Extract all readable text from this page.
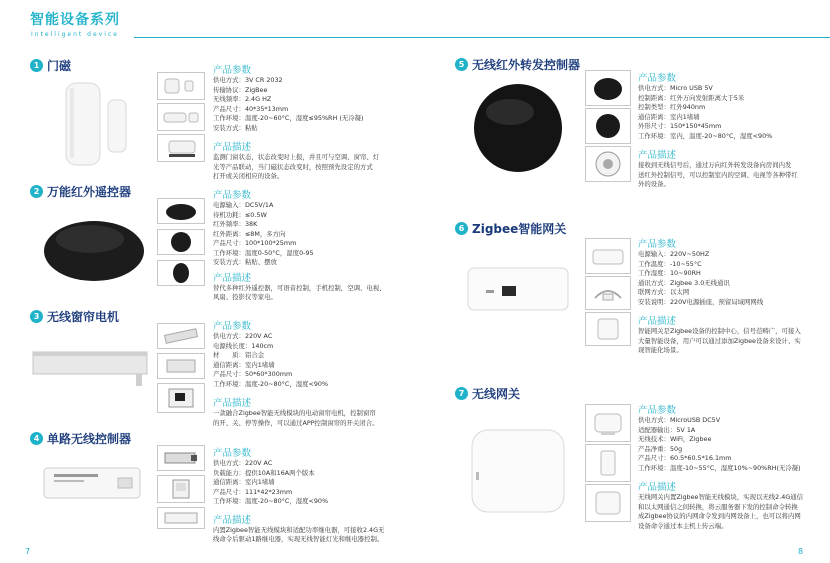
智能设备系列
Intelligent device
1 门磁	产品参数
供电方式：3V CR 2032
传输协议：ZigBee
无线频率：2.4G HZ
产品尺寸：40*35*13mm
工作环境：温度-20~60°C，湿度≤95%RH (无冷凝)
安装方式：粘贴
产品描述
监测门窗状态，状态改变时上报，并且可与空调、窗帘、灯
光等产品联动，当门磁状态改变时，按照预先设定的方式
打开或关闭相应的设备。
2 万能红外遥控器	产品参数
电源输入：DC5V/1A
待机功耗：≤0.5W
红外频率：38K
红外距离：≤8M，多方向
产品尺寸：100*100*25mm
工作环境：温度0-50°C，湿度0-95
安装方式：粘贴、摆放
产品描述
替代多种红外遥控器，可语音控制，手机控制，空调、电视、
风扇、投影仪等家电。
3 无线窗帘电机
产品参数
供电方式：220V AC
电源线长度：140cm
材　　质：铝合金
通信距离：室内1堵墙
产品尺寸：50*60*300mm
工作环境：温度-20~80°C，湿度<90%
产品描述
一款融合Zigbee智能无线模块的电动窗帘电机，控制窗帘
的开、关、停等操作，可以通过APP控制窗帘的开关闭合。
4 单路无线控制器
产品参数
供电方式：220V AC
负载能力：提供10A和16A两个版本
通信距离：室内1堵墙
产品尺寸：111*42*23mm
工作环境：温度-20~80°C，湿度<90%
产品描述
内置Zigbee智能无线模块和适配功率继电器，可接收2.4G无
线命令后驱动1路继电器，实现无线智能灯光和继电器控制。
7
5 无线红外转发控制器
产品参数
供电方式：Micro USB 5V
控制距离：红外万向发射距离大于5米
控制类型：红外940nm
通信距离：室内1堵墙
外形尺寸：150*150*45mm
工作环境：室内，温度-20~80°C，湿度<90%
产品描述
接收到无线信号后，通过万向红外转发设备向房间内发
送红外控制信号，可以控制室内的空调、电视等各种带红
外的设备。
6 Zigbee智能网关
产品参数
电源输入：220V~50HZ
工作温度：-10~55°C
工作湿度：10~90RH
通讯方式：Zigbee 3.0无线通讯
联网方式：以太网
安装说明：220V电源插座，预留局域网网线
产品描述
智能网关是Zigbee设备的控制中心，信号范畴广，可接入
大量智能设备，用户可以通过添加Zigbee设备来设计、实
现智能化场景。
7 无线网关
产品参数
供电方式：MicroUSB DC5V
适配器输出：5V 1A
无线技术：WiFi，Zigbee
产品净重：50g
产品尺寸：60.5*60.5*16.1mm
工作环境：温度-10~55°C，湿度10%~90%RH(无冷凝)
产品描述
无线网关内置Zigbee智能无线模块，实现以无线2.4G通信
和以太网通信之间转换，将云服务器下发的控制命令转换
成Zigbee协议的内网命令发到内网设备上，也可以将内网
设备命令通过本主机上传云端。
8
